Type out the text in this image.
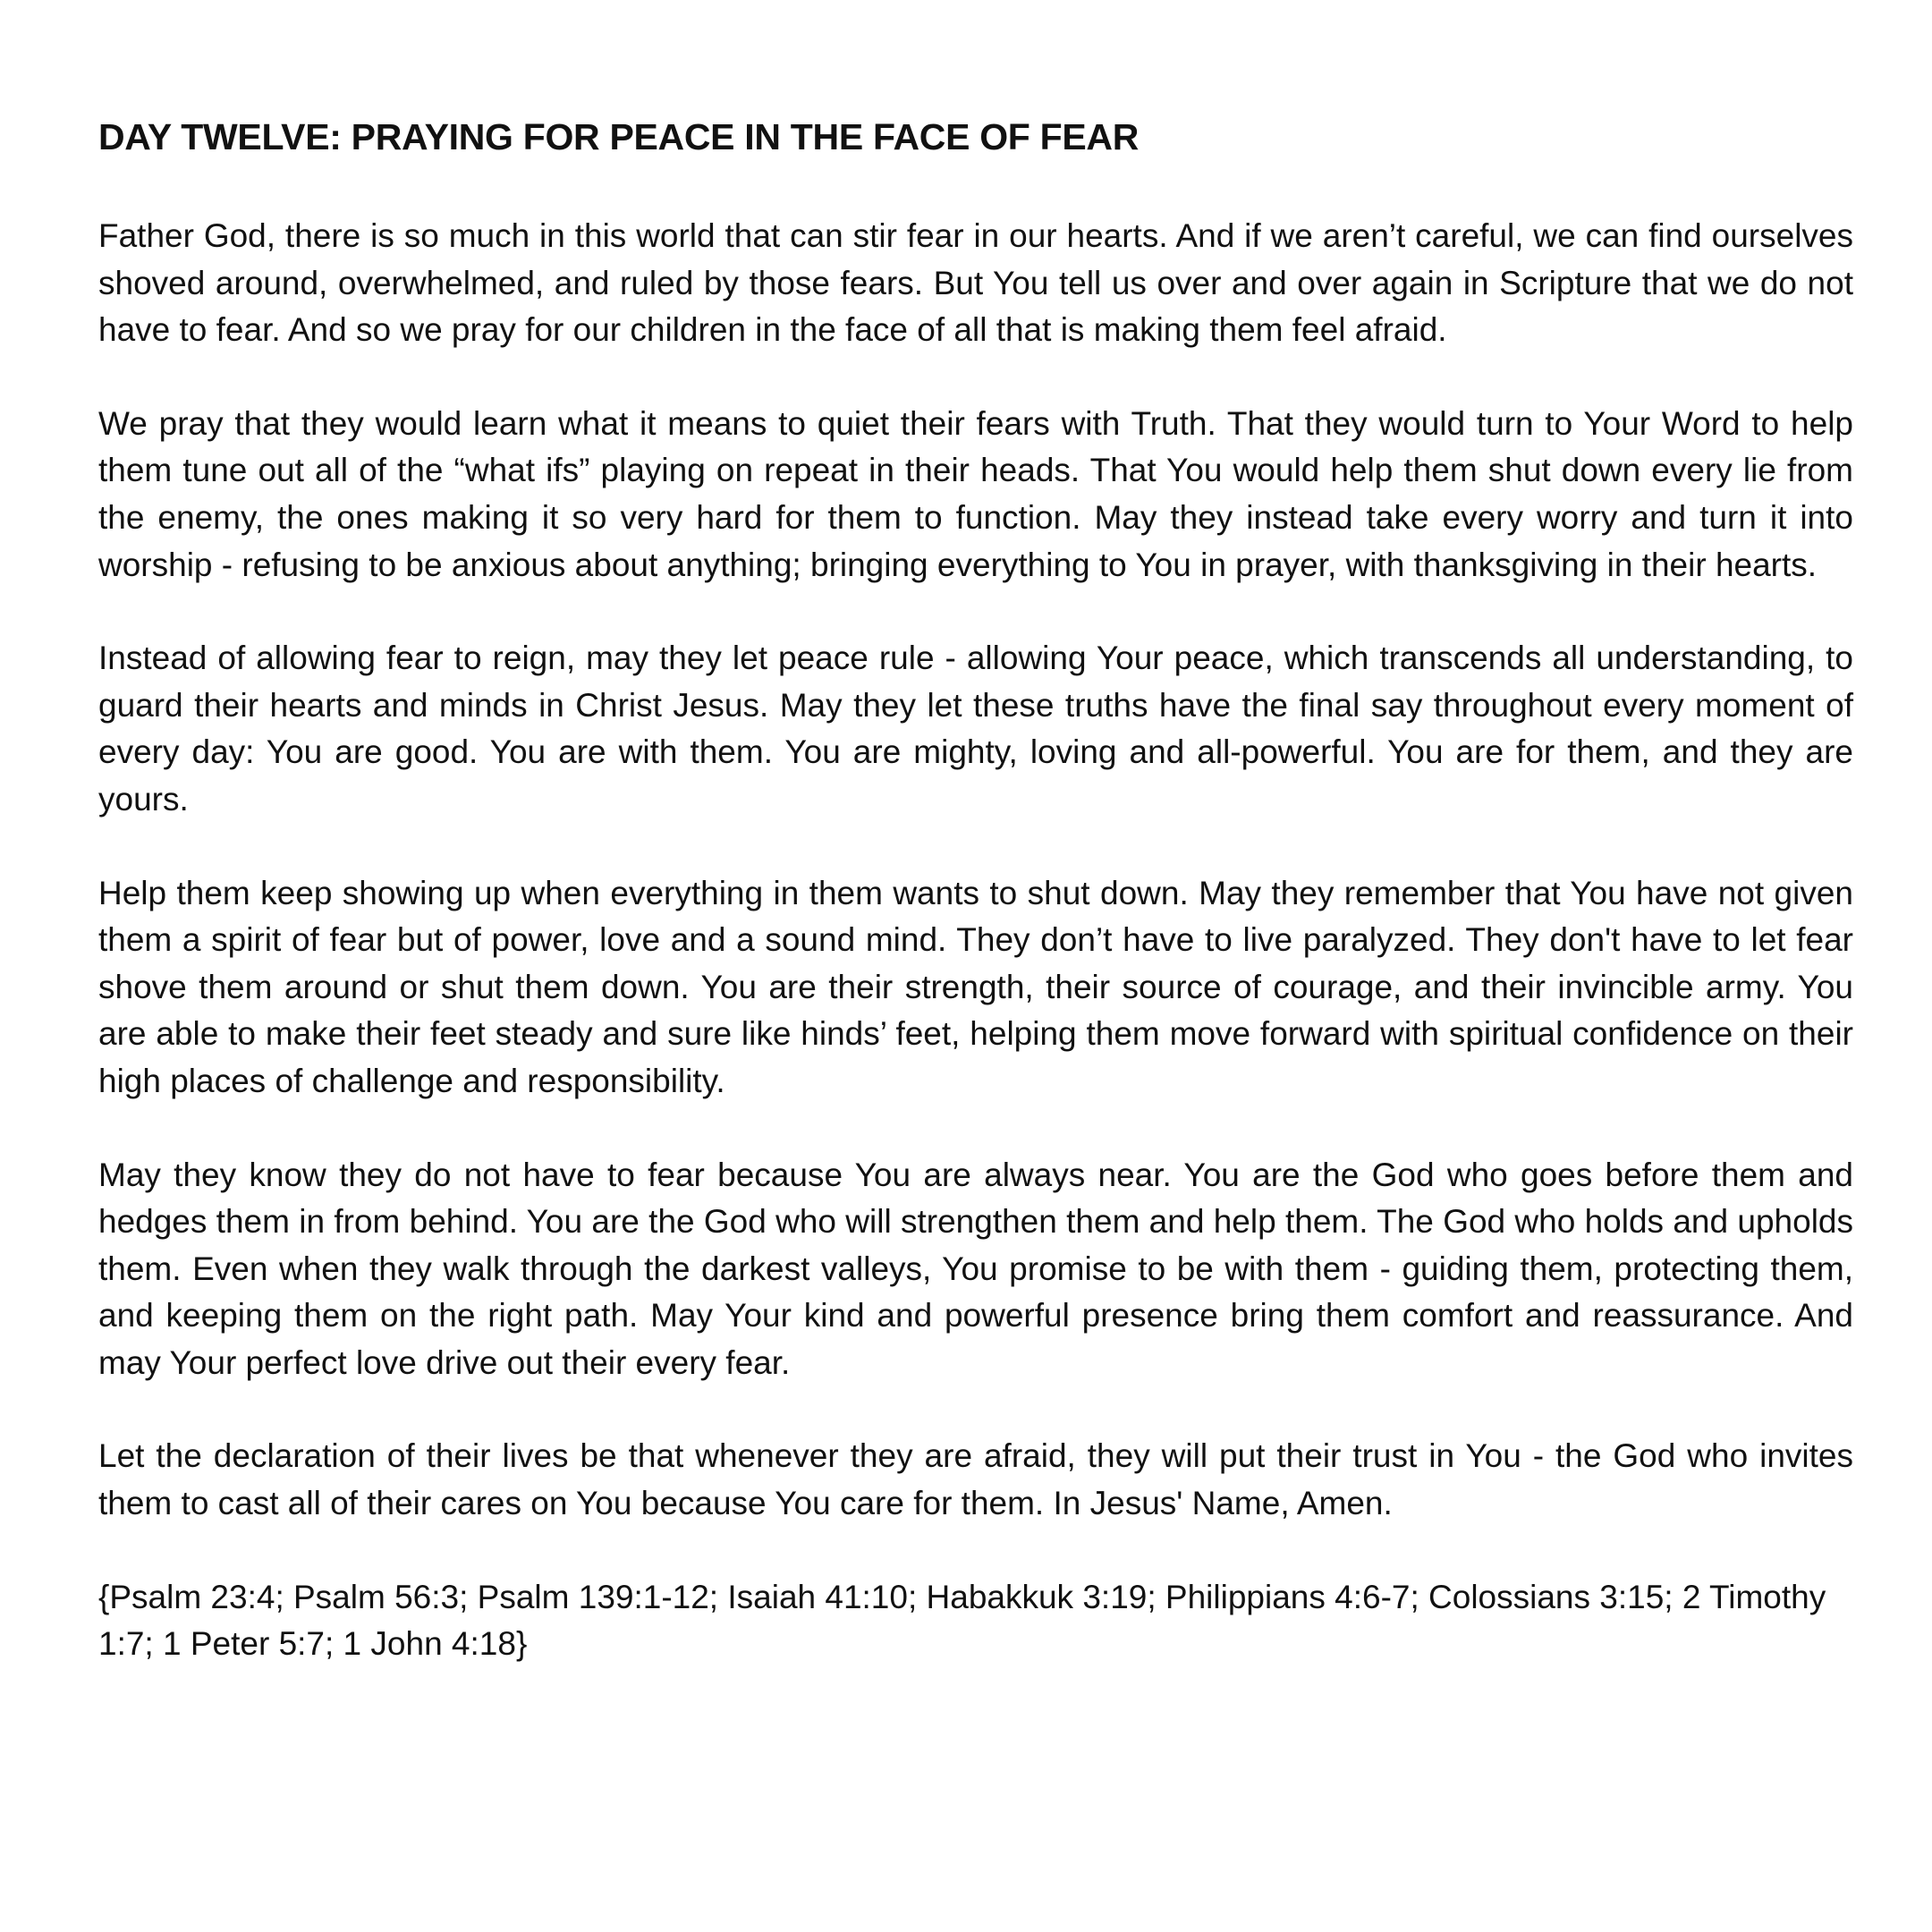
DAY TWELVE: PRAYING FOR PEACE IN THE FACE OF FEAR

Father God, there is so much in this world that can stir fear in our hearts. And if we aren’t careful, we can find ourselves shoved around, overwhelmed, and ruled by those fears. But You tell us over and over again in Scripture that we do not have to fear. And so we pray for our children in the face of all that is making them feel afraid.

We pray that they would learn what it means to quiet their fears with Truth. That they would turn to Your Word to help them tune out all of the “what ifs” playing on repeat in their heads. That You would help them shut down every lie from the enemy, the ones making it so very hard for them to function. May they instead take every worry and turn it into worship - refusing to be anxious about anything; bringing everything to You in prayer, with thanksgiving in their hearts.

Instead of allowing fear to reign, may they let peace rule - allowing Your peace, which transcends all understanding, to guard their hearts and minds in Christ Jesus. May they let these truths have the final say throughout every moment of every day: You are good. You are with them. You are mighty, loving and all-powerful. You are for them, and they are yours.

Help them keep showing up when everything in them wants to shut down. May they remember that You have not given them a spirit of fear but of power, love and a sound mind. They don’t have to live paralyzed. They don't have to let fear shove them around or shut them down. You are their strength, their source of courage, and their invincible army. You are able to make their feet steady and sure like hinds’ feet, helping them move forward with spiritual confidence on their high places of challenge and responsibility.

May they know they do not have to fear because You are always near. You are the God who goes before them and hedges them in from behind. You are the God who will strengthen them and help them. The God who holds and upholds them. Even when they walk through the darkest valleys, You promise to be with them - guiding them, protecting them, and keeping them on the right path. May Your kind and powerful presence bring them comfort and reassurance. And may Your perfect love drive out their every fear.

Let the declaration of their lives be that whenever they are afraid, they will put their trust in You - the God who invites them to cast all of their cares on You because You care for them. In Jesus' Name, Amen.

{Psalm 23:4; Psalm 56:3; Psalm 139:1-12; Isaiah 41:10; Habakkuk 3:19; Philippians 4:6-7; Colossians 3:15; 2 Timothy 1:7; 1 Peter 5:7; 1 John 4:18}
